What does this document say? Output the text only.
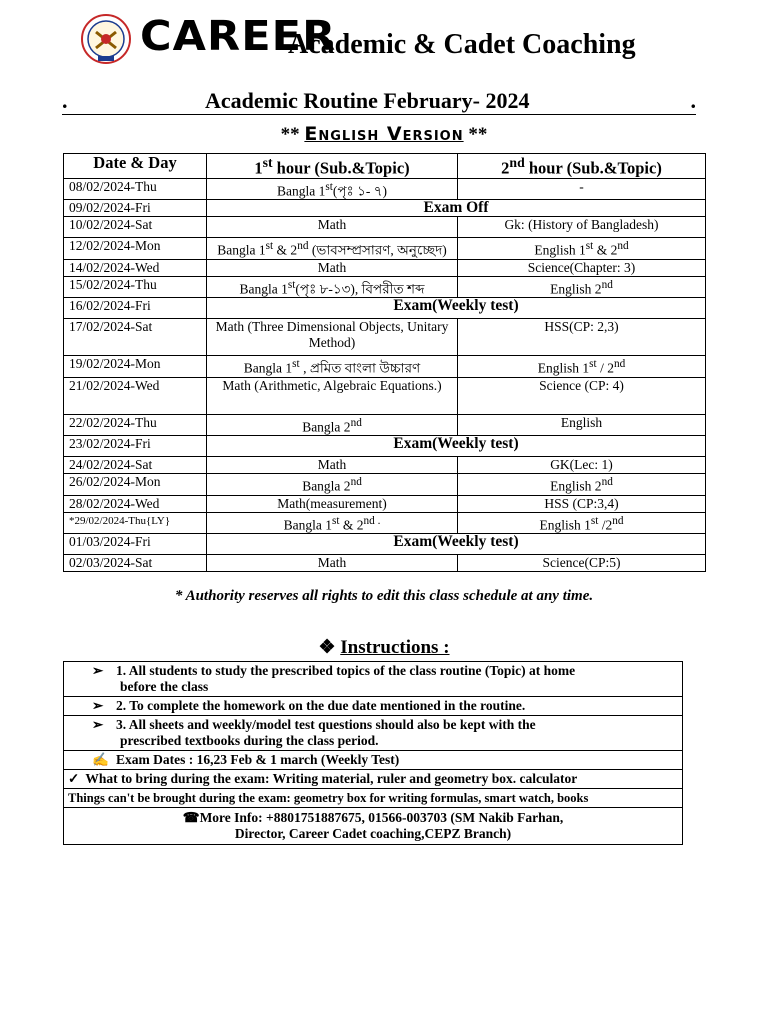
CAREER
Academic & Cadet Coaching
.	Academic Routine February- 2024	.
** English Version **
Date & Day	1st hour (Sub.&Topic)	2nd hour (Sub.&Topic)
08/02/2024-Thu	Bangla 1st(পৃঃ ১- ৭)	-
09/02/2024-Fri	Exam Off	
10/02/2024-Sat	Math	Gk: (History of Bangladesh)
12/02/2024-Mon	Bangla 1st & 2nd (ভাবসম্প্রসারণ, অনুচ্ছেদ)	English 1st & 2nd
14/02/2024-Wed	Math	Science(Chapter: 3)
15/02/2024-Thu	Bangla 1st(পৃঃ ৮-১৩), বিপরীত শব্দ	English 2nd
16/02/2024-Fri	Exam(Weekly test)	
17/02/2024-Sat	Math (Three Dimensional Objects, Unitary Method)	HSS(CP: 2,3)
19/02/2024-Mon	Bangla 1st , প্রমিত বাংলা উচ্চারণ	English 1st / 2nd
21/02/2024-Wed	Math (Arithmetic, Algebraic Equations.)	Science (CP: 4)
22/02/2024-Thu	Bangla 2nd	English
23/02/2024-Fri	Exam(Weekly test)	
24/02/2024-Sat	Math	GK(Lec: 1)
26/02/2024-Mon	Bangla 2nd	English 2nd
28/02/2024-Wed	Math(measurement)	HSS (CP:3,4)
*29/02/2024-Thu{LY}	Bangla 1st & 2nd .	English 1st /2nd
01/03/2024-Fri	Exam(Weekly test)	
02/03/2024-Sat	Math	Science(CP:5)
* Authority reserves all rights to edit this class schedule at any time.
❖ Instructions :
➢ 1. All students to study the prescribed topics of the class routine (Topic) at home
before the class

➢ 2. To complete the homework on the due date mentioned in the routine.

➢ 3. All sheets and weekly/model test questions should also be kept with the
prescribed textbooks during the class period.

✍ Exam Dates : 16,23 Feb & 1 march (Weekly Test)

✓ What to bring during the exam: Writing material, ruler and geometry box. calculator
Things can't be brought during the exam: geometry box for writing formulas, smart watch, books
☎More Info: +8801751887675, 01566-003703 (SM Nakib Farhan,
Director, Career Cadet coaching,CEPZ Branch)
